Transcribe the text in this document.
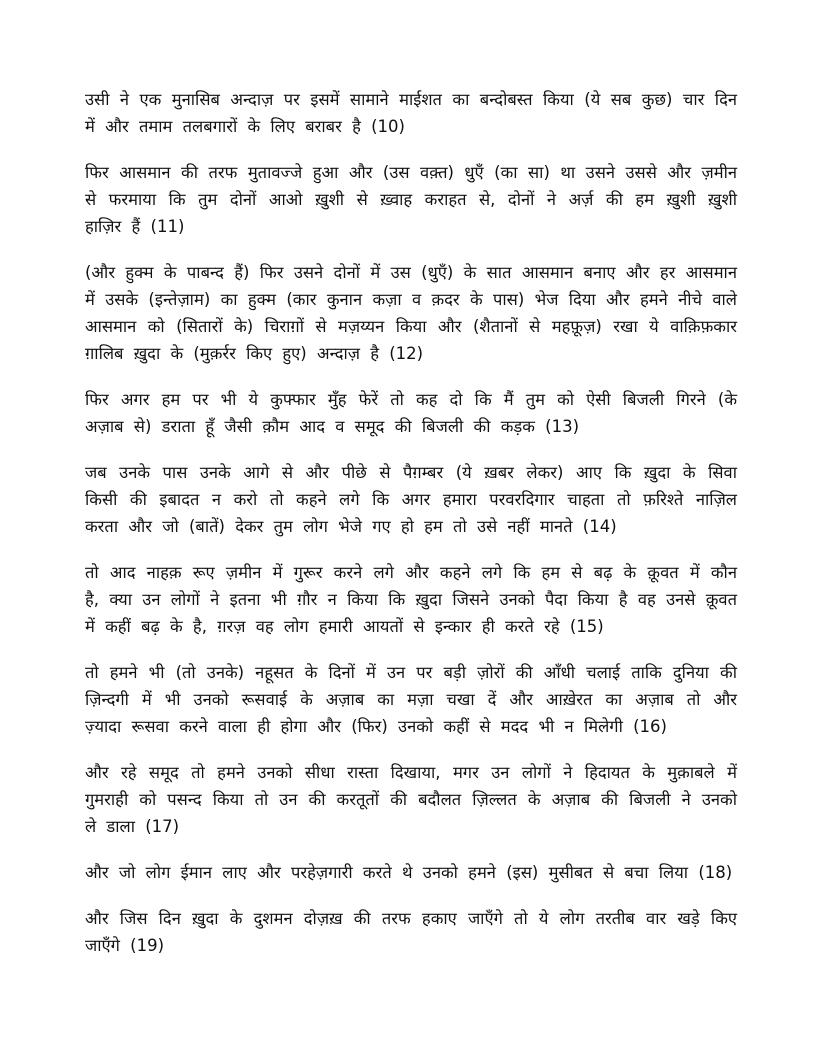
उसी ने एक मुनासिब अन्दाज़ पर इसमें सामाने माईशत का बन्दोबस्त किया (ये सब कुछ) चार दिन में और तमाम तलबगारों के लिए बराबर है (10)

फिर आसमान की तरफ मुतावज्जे हुआ और (उस वक़्त) धुएँ (का सा) था उसने उससे और ज़मीन से फरमाया कि तुम दोनों आओ ख़ुशी से ख़्वाह कराहत से, दोनों ने अर्ज़ की हम ख़ुशी ख़ुशी हाज़िर हैं (11)

(और हुक्म के पाबन्द हैं) फिर उसने दोनों में उस (धुएँ) के सात आसमान बनाए और हर आसमान में उसके (इन्तेज़ाम) का हुक्म (कार कुनान कज़ा व क़दर के पास) भेज दिया और हमने नीचे वाले आसमान को (सितारों के) चिराग़ों से मज़य्यन किया और (शैतानों से महफ़ूज़) रखा ये वाक़िफ़कार ग़ालिब ख़ुदा के (मुक़र्रर किए हुए) अन्दाज़ है (12)

फिर अगर हम पर भी ये कुफ्फार मुँह फेरें तो कह दो कि मैं तुम को ऐसी बिजली गिरने (के अज़ाब से) डराता हूँ जैसी क़ौम आद व समूद की बिजली की कड़क (13)

जब उनके पास उनके आगे से और पीछे से पैग़म्बर (ये ख़बर लेकर) आए कि ख़ुदा के सिवा किसी की इबादत न करो तो कहने लगे कि अगर हमारा परवरदिगार चाहता तो फ़रिश्ते नाज़िल करता और जो (बातें) देकर तुम लोग भेजे गए हो हम तो उसे नहीं मानते (14)

तो आद नाहक़ रूए ज़मीन में गुरूर करने लगे और कहने लगे कि हम से बढ़ के क़ूवत में कौन है, क्या उन लोगों ने इतना भी ग़ौर न किया कि ख़ुदा जिसने उनको पैदा किया है वह उनसे क़ूवत में कहीं बढ़ के है, ग़रज़ वह लोग हमारी आयतों से इन्कार ही करते रहे (15)

तो हमने भी (तो उनके) नहूसत के दिनों में उन पर बड़ी ज़ोरों की आँधी चलाई ताकि दुनिया की ज़िन्दगी में भी उनको रूसवाई के अज़ाब का मज़ा चखा दें और आख़ेरत का अज़ाब तो और ज़्यादा रूसवा करने वाला ही होगा और (फिर) उनको कहीं से मदद भी न मिलेगी (16)

और रहे समूद तो हमने उनको सीधा रास्ता दिखाया, मगर उन लोगों ने हिदायत के मुक़ाबले में गुमराही को पसन्द किया तो उन की करतूतों की बदौलत ज़िल्लत के अज़ाब की बिजली ने उनको ले डाला (17)

और जो लोग ईमान लाए और परहेज़गारी करते थे उनको हमने (इस) मुसीबत से बचा लिया (18)

और जिस दिन ख़ुदा के दुशमन दोज़ख़ की तरफ हकाए जाएँगे तो ये लोग तरतीब वार खड़े किए जाएँगे (19)
